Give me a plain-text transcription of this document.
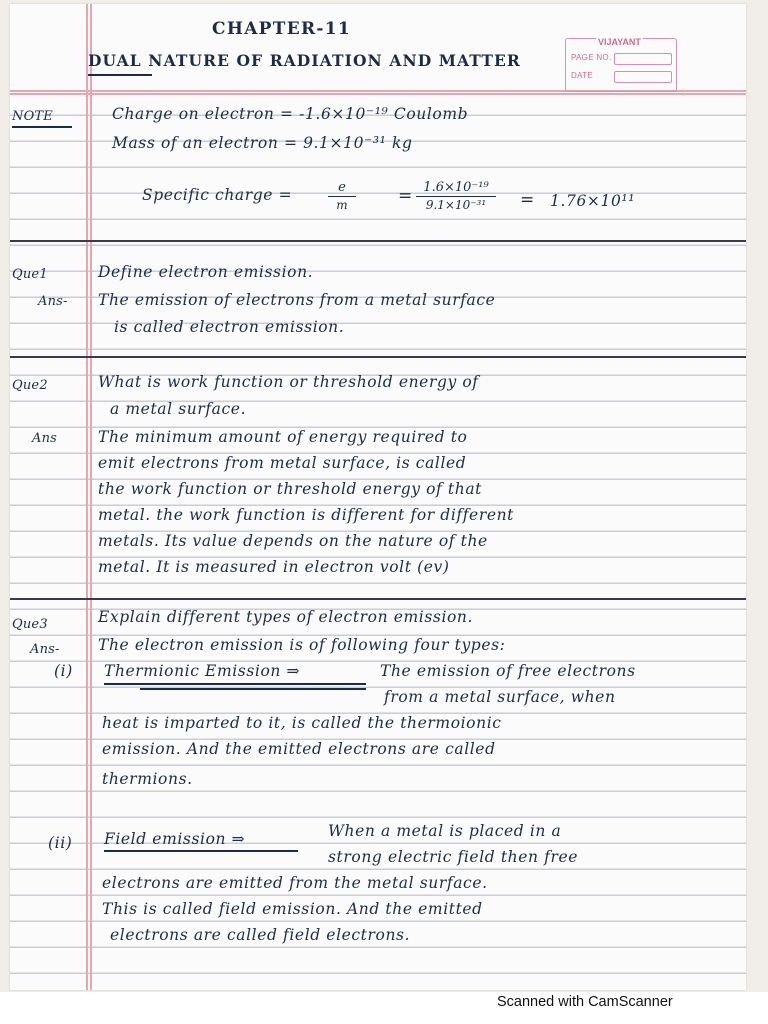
VIJAYANT
PAGE NO.
DATE
CHAPTER-11
DUAL NATURE OF RADIATION AND MATTER
NOTE	Charge on electron = -1.6×10⁻¹⁹ Coulomb
Mass of an electron = 9.1×10⁻³¹ kg
Specific charge =	$\frac{e}{m} = \frac{\text{1.6×10⁻¹⁹}}{\text{9.1×10⁻³¹}} = 1.76\times 10^{11}$
Que1	Define electron emission.
Ans- The emission of electrons from a metal surface
is called electron emission.
Que2	What is work function or threshold energy of
a metal surface.
Ans	The minimum amount of energy required to
emit electrons from metal surface, is called
the work function or threshold energy of that
metal. the work function is different for different
metals. Its value depends on the nature of the
metal. It is measured in electron volt (ev)
Que3	Explain different types of electron emission.
Ans- The electron emission is of following four types:
(i) Thermionic Emission ⇒	The emission of free electrons
from a metal surface, when
heat is imparted to it, is called the thermoionic
emission. And the emitted electrons are called
thermions.
(ii) Field emission ⇒	When a metal is placed in a
strong electric field then free
electrons are emitted from the metal surface.
This is called field emission. And the emitted
electrons are called field electrons.
Scanned with CamScanner
